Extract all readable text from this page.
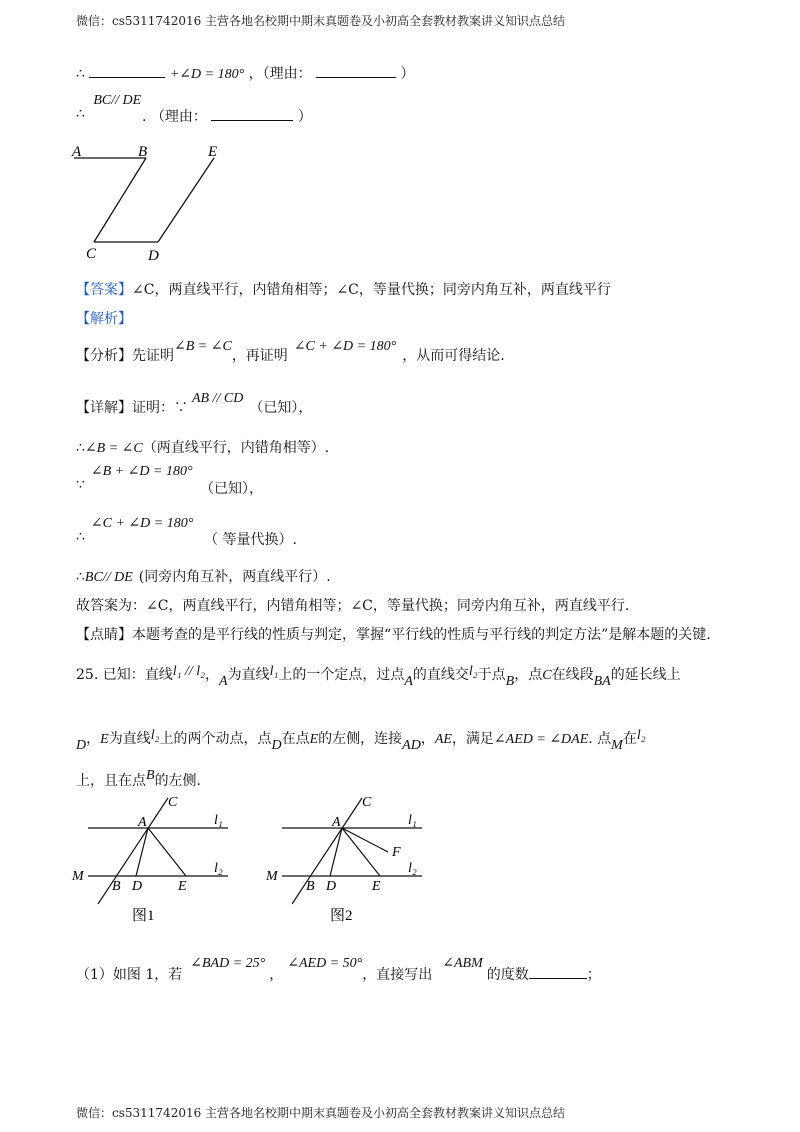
微信：cs5311742016 主营各地名校期中期末真题卷及小初高全套教材教案讲义知识点总结
∴	+∠D = 180° ，（理由：	）
∴ BC// DE
. （理由：	）
A	B	E
C	D
【答案】∠C，两直线平行，内错角相等；∠C，等量代换；同旁内角互补，两直线平行
【解析】
【分析】先证明∠B = ∠C，再证明∠C + ∠D = 180°，从而可得结论.
【详解】证明：∵AB // CD（已知），
∴∠B = ∠C（两直线平行，内错角相等）.
∵∠B + ∠D = 180°
（已知），
∴∠C + ∠D = 180°
（ 等量代换）.
∴BC// DE (同旁内角互补，两直线平行）.
故答案为：∠C，两直线平行，内错角相等；∠C，等量代换；同旁内角互补，两直线平行.
【点睛】本题考查的是平行线的性质与判定，掌握“平行线的性质与平行线的判定方法”是解本题的关键.
25. 已知：直线l₁ // l₂，A为直线l₁上的一个定点，过点A的直线交l₂于点B，点C在线段BA的延长线上
D，E为直线l₂上的两个动点，点D在点E的左侧，连接AD，AE，满足∠AED = ∠DAE. 点M在l₂
上，且在点B的左侧.
C
A	l₁
l₂
M
B D	E
图1
C
A	l₁
F
l₂
M
B D	E
图2
（1）如图 1，若∠BAD = 25°，∠AED = 50°，直接写出∠ABM的度数	；
微信：cs5311742016 主营各地名校期中期末真题卷及小初高全套教材教案讲义知识点总结
